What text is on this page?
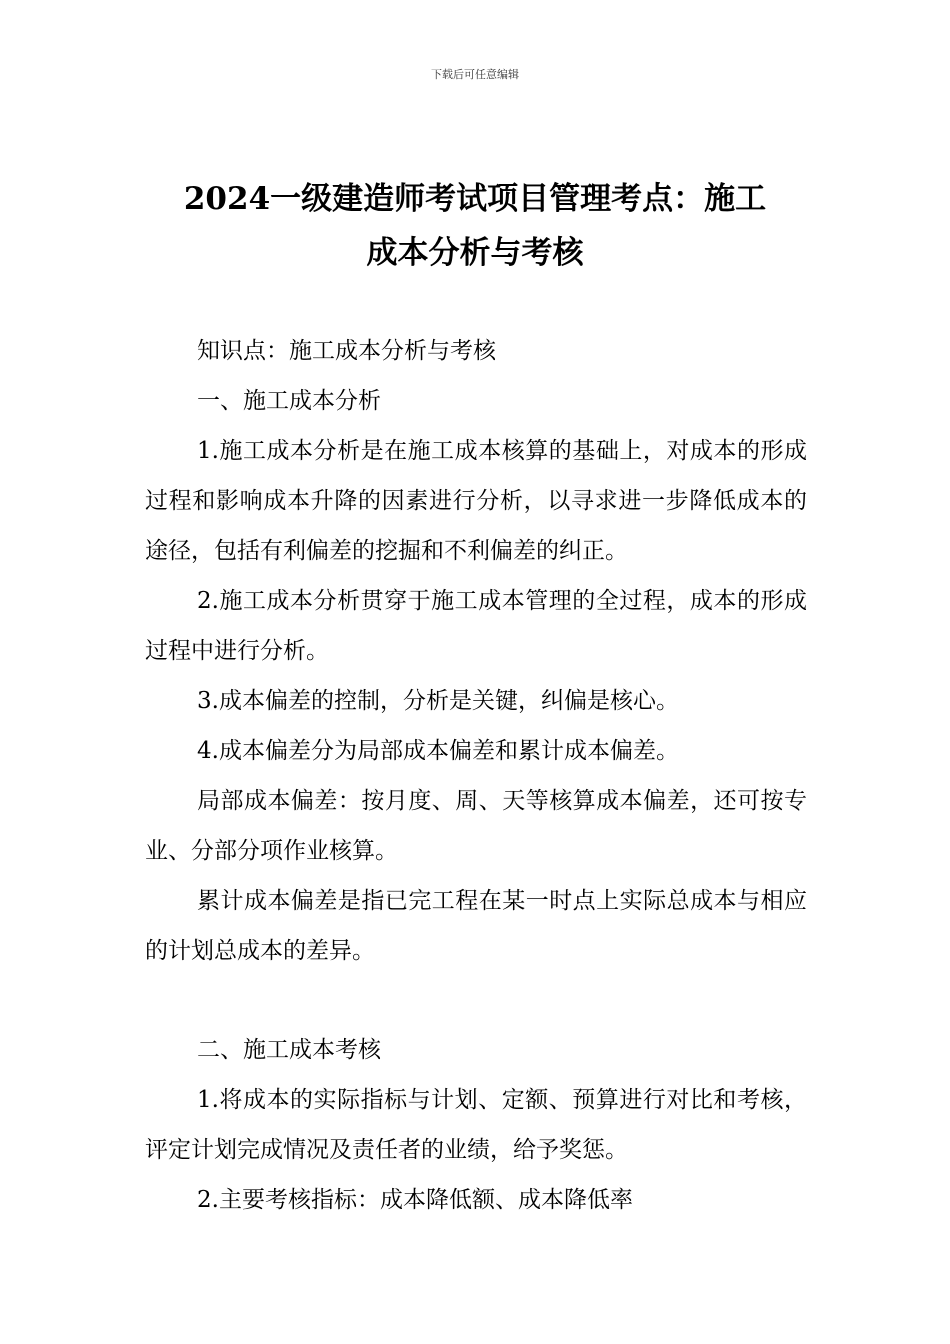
下载后可任意编辑
2024一级建造师考试项目管理考点：施工
成本分析与考核

知识点：施工成本分析与考核

一、施工成本分析

1.施工成本分析是在施工成本核算的基础上，对成本的形成过程和影响成本升降的因素进行分析，以寻求进一步降低成本的途径，包括有利偏差的挖掘和不利偏差的纠正。

2.施工成本分析贯穿于施工成本管理的全过程，成本的形成过程中进行分析。

3.成本偏差的控制，分析是关键，纠偏是核心。

4.成本偏差分为局部成本偏差和累计成本偏差。

局部成本偏差：按月度、周、天等核算成本偏差，还可按专业、分部分项作业核算。

累计成本偏差是指已完工程在某一时点上实际总成本与相应的计划总成本的差异。

二、施工成本考核

1.将成本的实际指标与计划、定额、预算进行对比和考核，评定计划完成情况及责任者的业绩，给予奖惩。

2.主要考核指标：成本降低额、成本降低率
